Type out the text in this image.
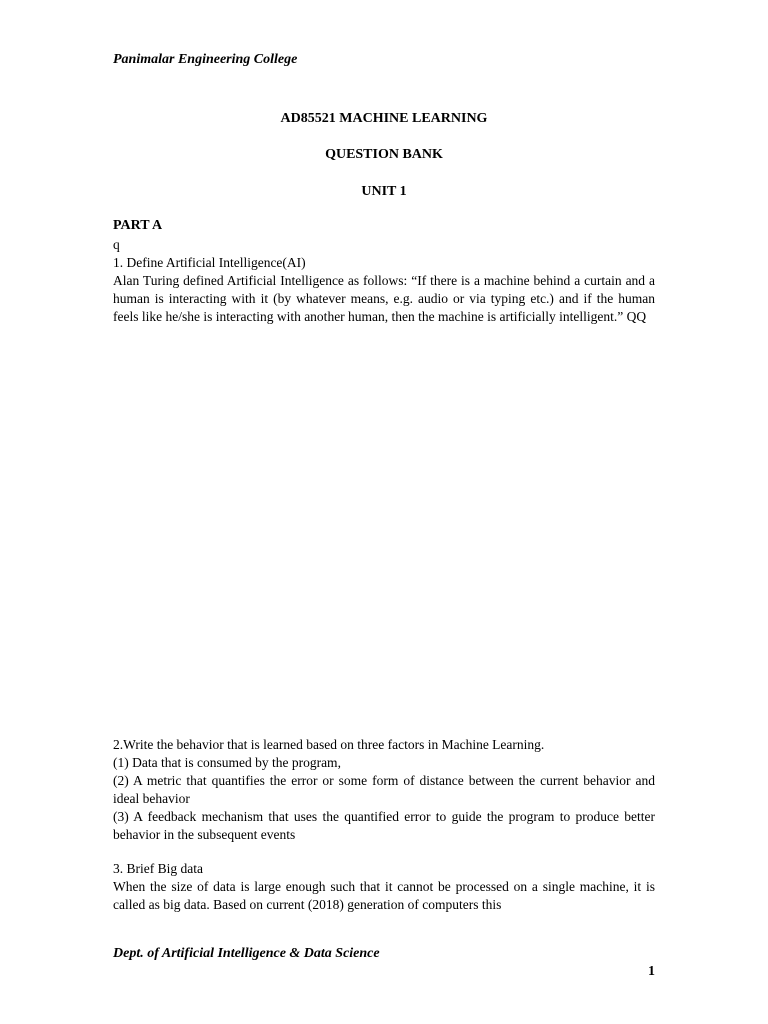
Panimalar Engineering College
AD85521 MACHINE LEARNING
QUESTION BANK
UNIT 1
PART A
q
1. Define Artificial Intelligence(AI)
Alan Turing defined Artificial Intelligence as follows: “If there is a machine behind a curtain and a human is interacting with it (by whatever means, e.g. audio or via typing etc.) and if the human feels like he/she is interacting with another human, then the machine is artificially intelligent.” QQ
2.Write the behavior that is learned based on three factors in Machine Learning.
(1) Data that is consumed by the program,
(2) A metric that quantifies the error or some form of distance between the current behavior and ideal behavior
(3) A feedback mechanism that uses the quantified error to guide the program to produce better behavior in the subsequent events
3. Brief Big data
When the size of data is large enough such that it cannot be processed on a single machine, it is called as big data. Based on current (2018) generation of computers this
Dept. of Artificial Intelligence & Data Science
1
